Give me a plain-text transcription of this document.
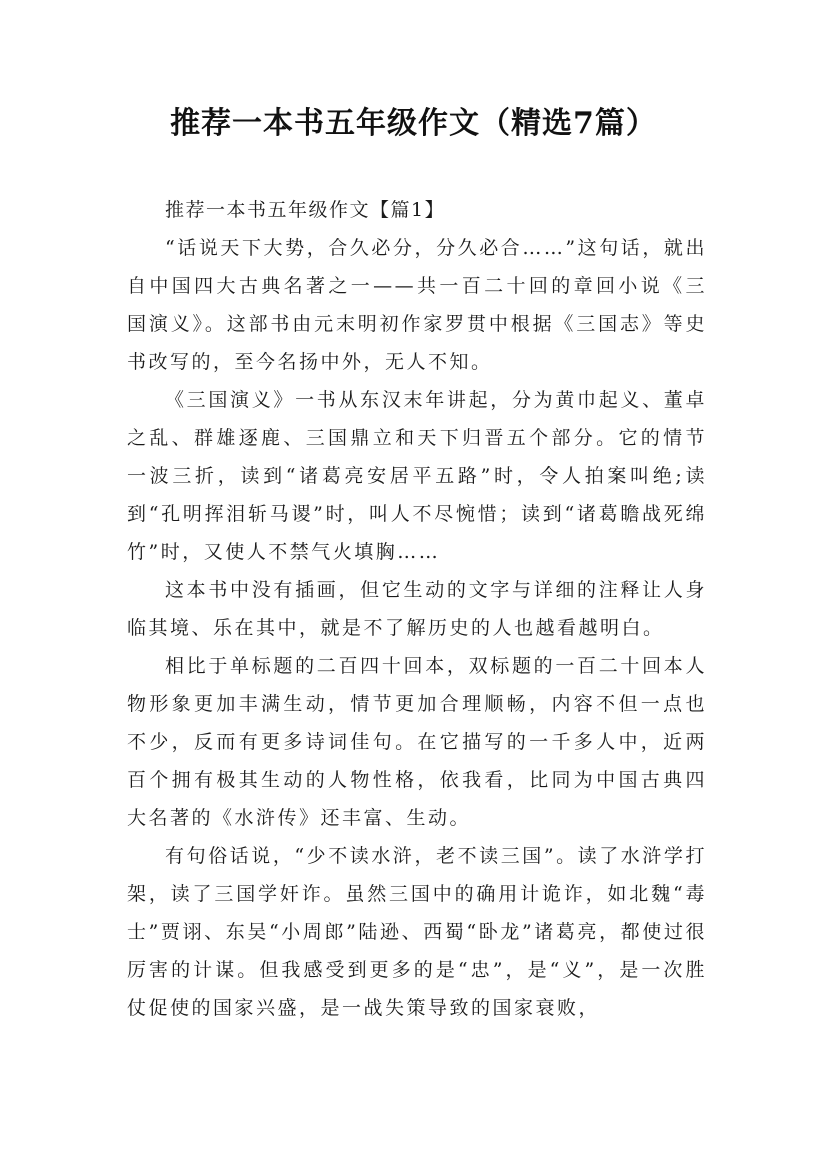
推荐一本书五年级作文（精选7篇）

推荐一本书五年级作文【篇1】

“话说天下大势，合久必分，分久必合……”这句话，就出自中国四大古典名著之一——共一百二十回的章回小说《三国演义》。这部书由元末明初作家罗贯中根据《三国志》等史书改写的，至今名扬中外，无人不知。

《三国演义》一书从东汉末年讲起，分为黄巾起义、董卓之乱、群雄逐鹿、三国鼎立和天下归晋五个部分。它的情节一波三折，读到“诸葛亮安居平五路”时，令人拍案叫绝;读到“孔明挥泪斩马谡”时，叫人不尽惋惜；读到“诸葛瞻战死绵竹”时，又使人不禁气火填胸……

这本书中没有插画，但它生动的文字与详细的注释让人身临其境、乐在其中，就是不了解历史的人也越看越明白。

相比于单标题的二百四十回本，双标题的一百二十回本人物形象更加丰满生动，情节更加合理顺畅，内容不但一点也不少，反而有更多诗词佳句。在它描写的一千多人中，近两百个拥有极其生动的人物性格，依我看，比同为中国古典四大名著的《水浒传》还丰富、生动。

有句俗话说，“少不读水浒，老不读三国”。读了水浒学打架，读了三国学奸诈。虽然三国中的确用计诡诈，如北魏“毒士”贾诩、东吴“小周郎”陆逊、西蜀“卧龙”诸葛亮，都使过很厉害的计谋。但我感受到更多的是“忠”，是“义”，是一次胜仗促使的国家兴盛，是一战失策导致的国家衰败，
